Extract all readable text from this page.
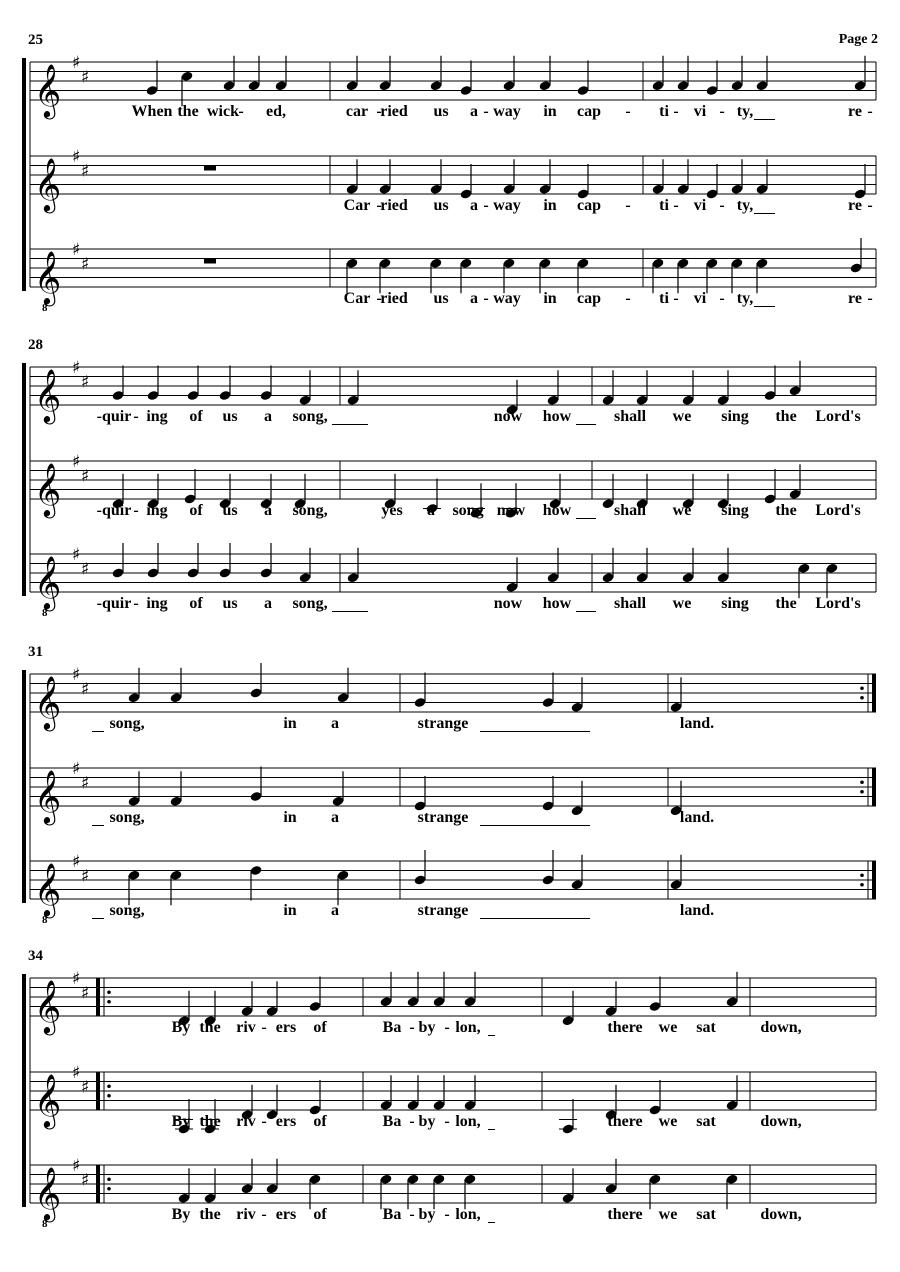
Page 2
𝄞 ♯
♯
𝄞 ♯
♯
𝄞
8
♯
♯
𝄞 ♯
♯
𝄞 ♯
♯
𝄞
8
♯
♯
𝄞 ♯
♯
𝄞 ♯
♯
𝄞
8
♯
♯
𝄞 ♯
♯
𝄞 ♯
♯
𝄞
8
♯
♯
When the wick - ed,	car -
ried us a - way in cap - ti - vi - ty,	re -
Car -
ried us a - way in cap - ti - vi - ty,	re -
Car -
ried us a - way in cap - ti - vi - ty,	re -
25
-quir - ing of us a song,	now how	shall we sing the Lord's
-quir - ing of us a song,	yes a song now how	shall we sing the Lord's
-quir - ing of us a song,	now how	shall we sing the Lord's
28
song,	in a	strange	land.
song,	in a	strange	land.
song,	in a	strange	land.
31
By the riv - ers of	Ba - by - lon,	there we sat	down,
By the riv - ers of	Ba - by - lon,	there we sat	down,
By the riv - ers of	Ba - by - lon,	there we sat	down,
34
